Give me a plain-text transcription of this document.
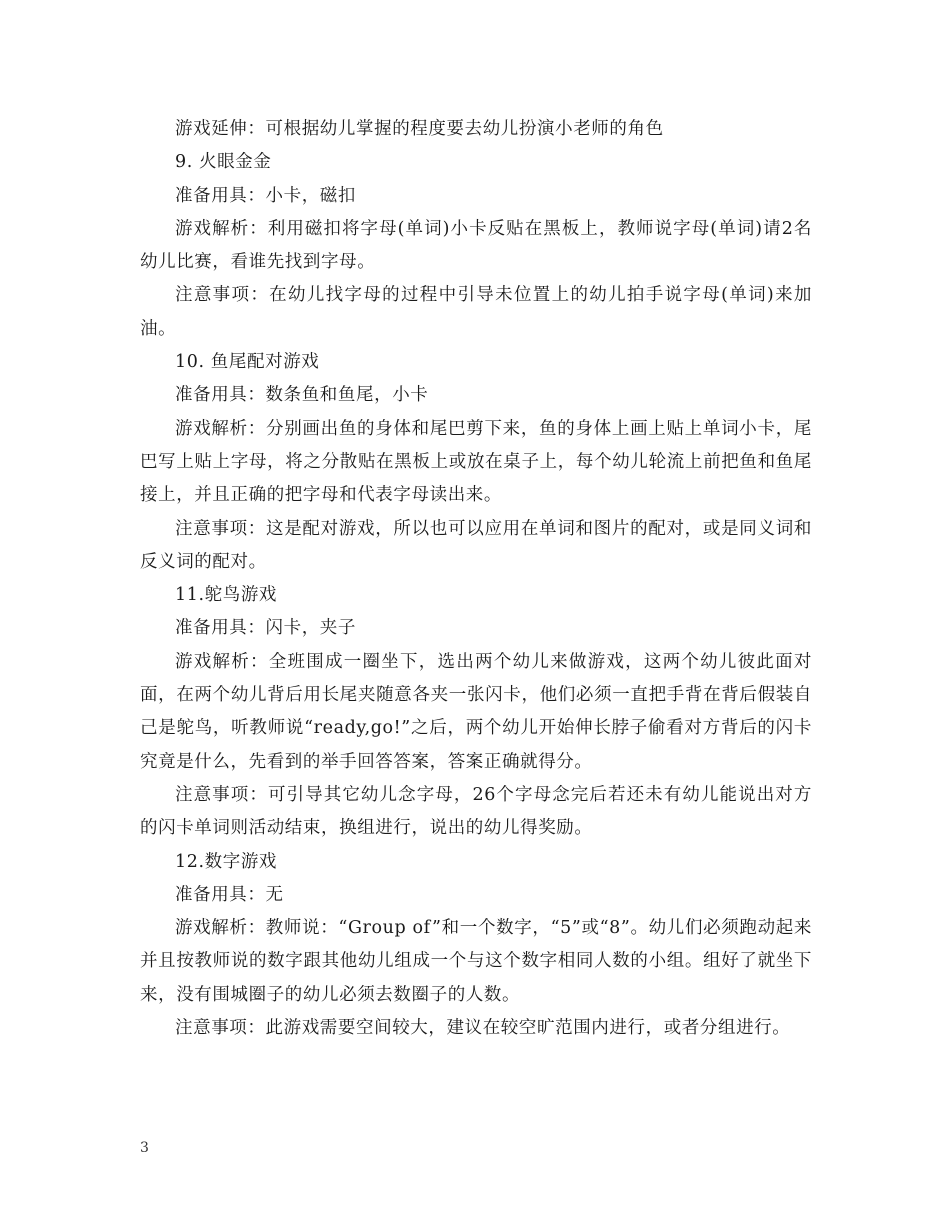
游戏延伸：可根据幼儿掌握的程度要去幼儿扮演小老师的角色

9. 火眼金金

准备用具：小卡，磁扣

游戏解析：利用磁扣将字母(单词)小卡反贴在黑板上，教师说字母(单词)请2名幼儿比赛，看谁先找到字母。

注意事项：在幼儿找字母的过程中引导未位置上的幼儿拍手说字母(单词)来加油。

10. 鱼尾配对游戏

准备用具：数条鱼和鱼尾，小卡

游戏解析：分别画出鱼的身体和尾巴剪下来，鱼的身体上画上贴上单词小卡，尾巴写上贴上字母，将之分散贴在黑板上或放在桌子上，每个幼儿轮流上前把鱼和鱼尾接上，并且正确的把字母和代表字母读出来。

注意事项：这是配对游戏，所以也可以应用在单词和图片的配对，或是同义词和反义词的配对。

11.鸵鸟游戏

准备用具：闪卡，夹子

游戏解析：全班围成一圈坐下，选出两个幼儿来做游戏，这两个幼儿彼此面对面，在两个幼儿背后用长尾夹随意各夹一张闪卡，他们必须一直把手背在背后假装自己是鸵鸟，听教师说“ready,go!”之后，两个幼儿开始伸长脖子偷看对方背后的闪卡究竟是什么，先看到的举手回答答案，答案正确就得分。

注意事项：可引导其它幼儿念字母，26个字母念完后若还未有幼儿能说出对方的闪卡单词则活动结束，换组进行，说出的幼儿得奖励。

12.数字游戏

准备用具：无

游戏解析：教师说：“Group of”和一个数字，“5”或“8”。幼儿们必须跑动起来并且按教师说的数字跟其他幼儿组成一个与这个数字相同人数的小组。组好了就坐下来，没有围城圈子的幼儿必须去数圈子的人数。

注意事项：此游戏需要空间较大，建议在较空旷范围内进行，或者分组进行。

3
